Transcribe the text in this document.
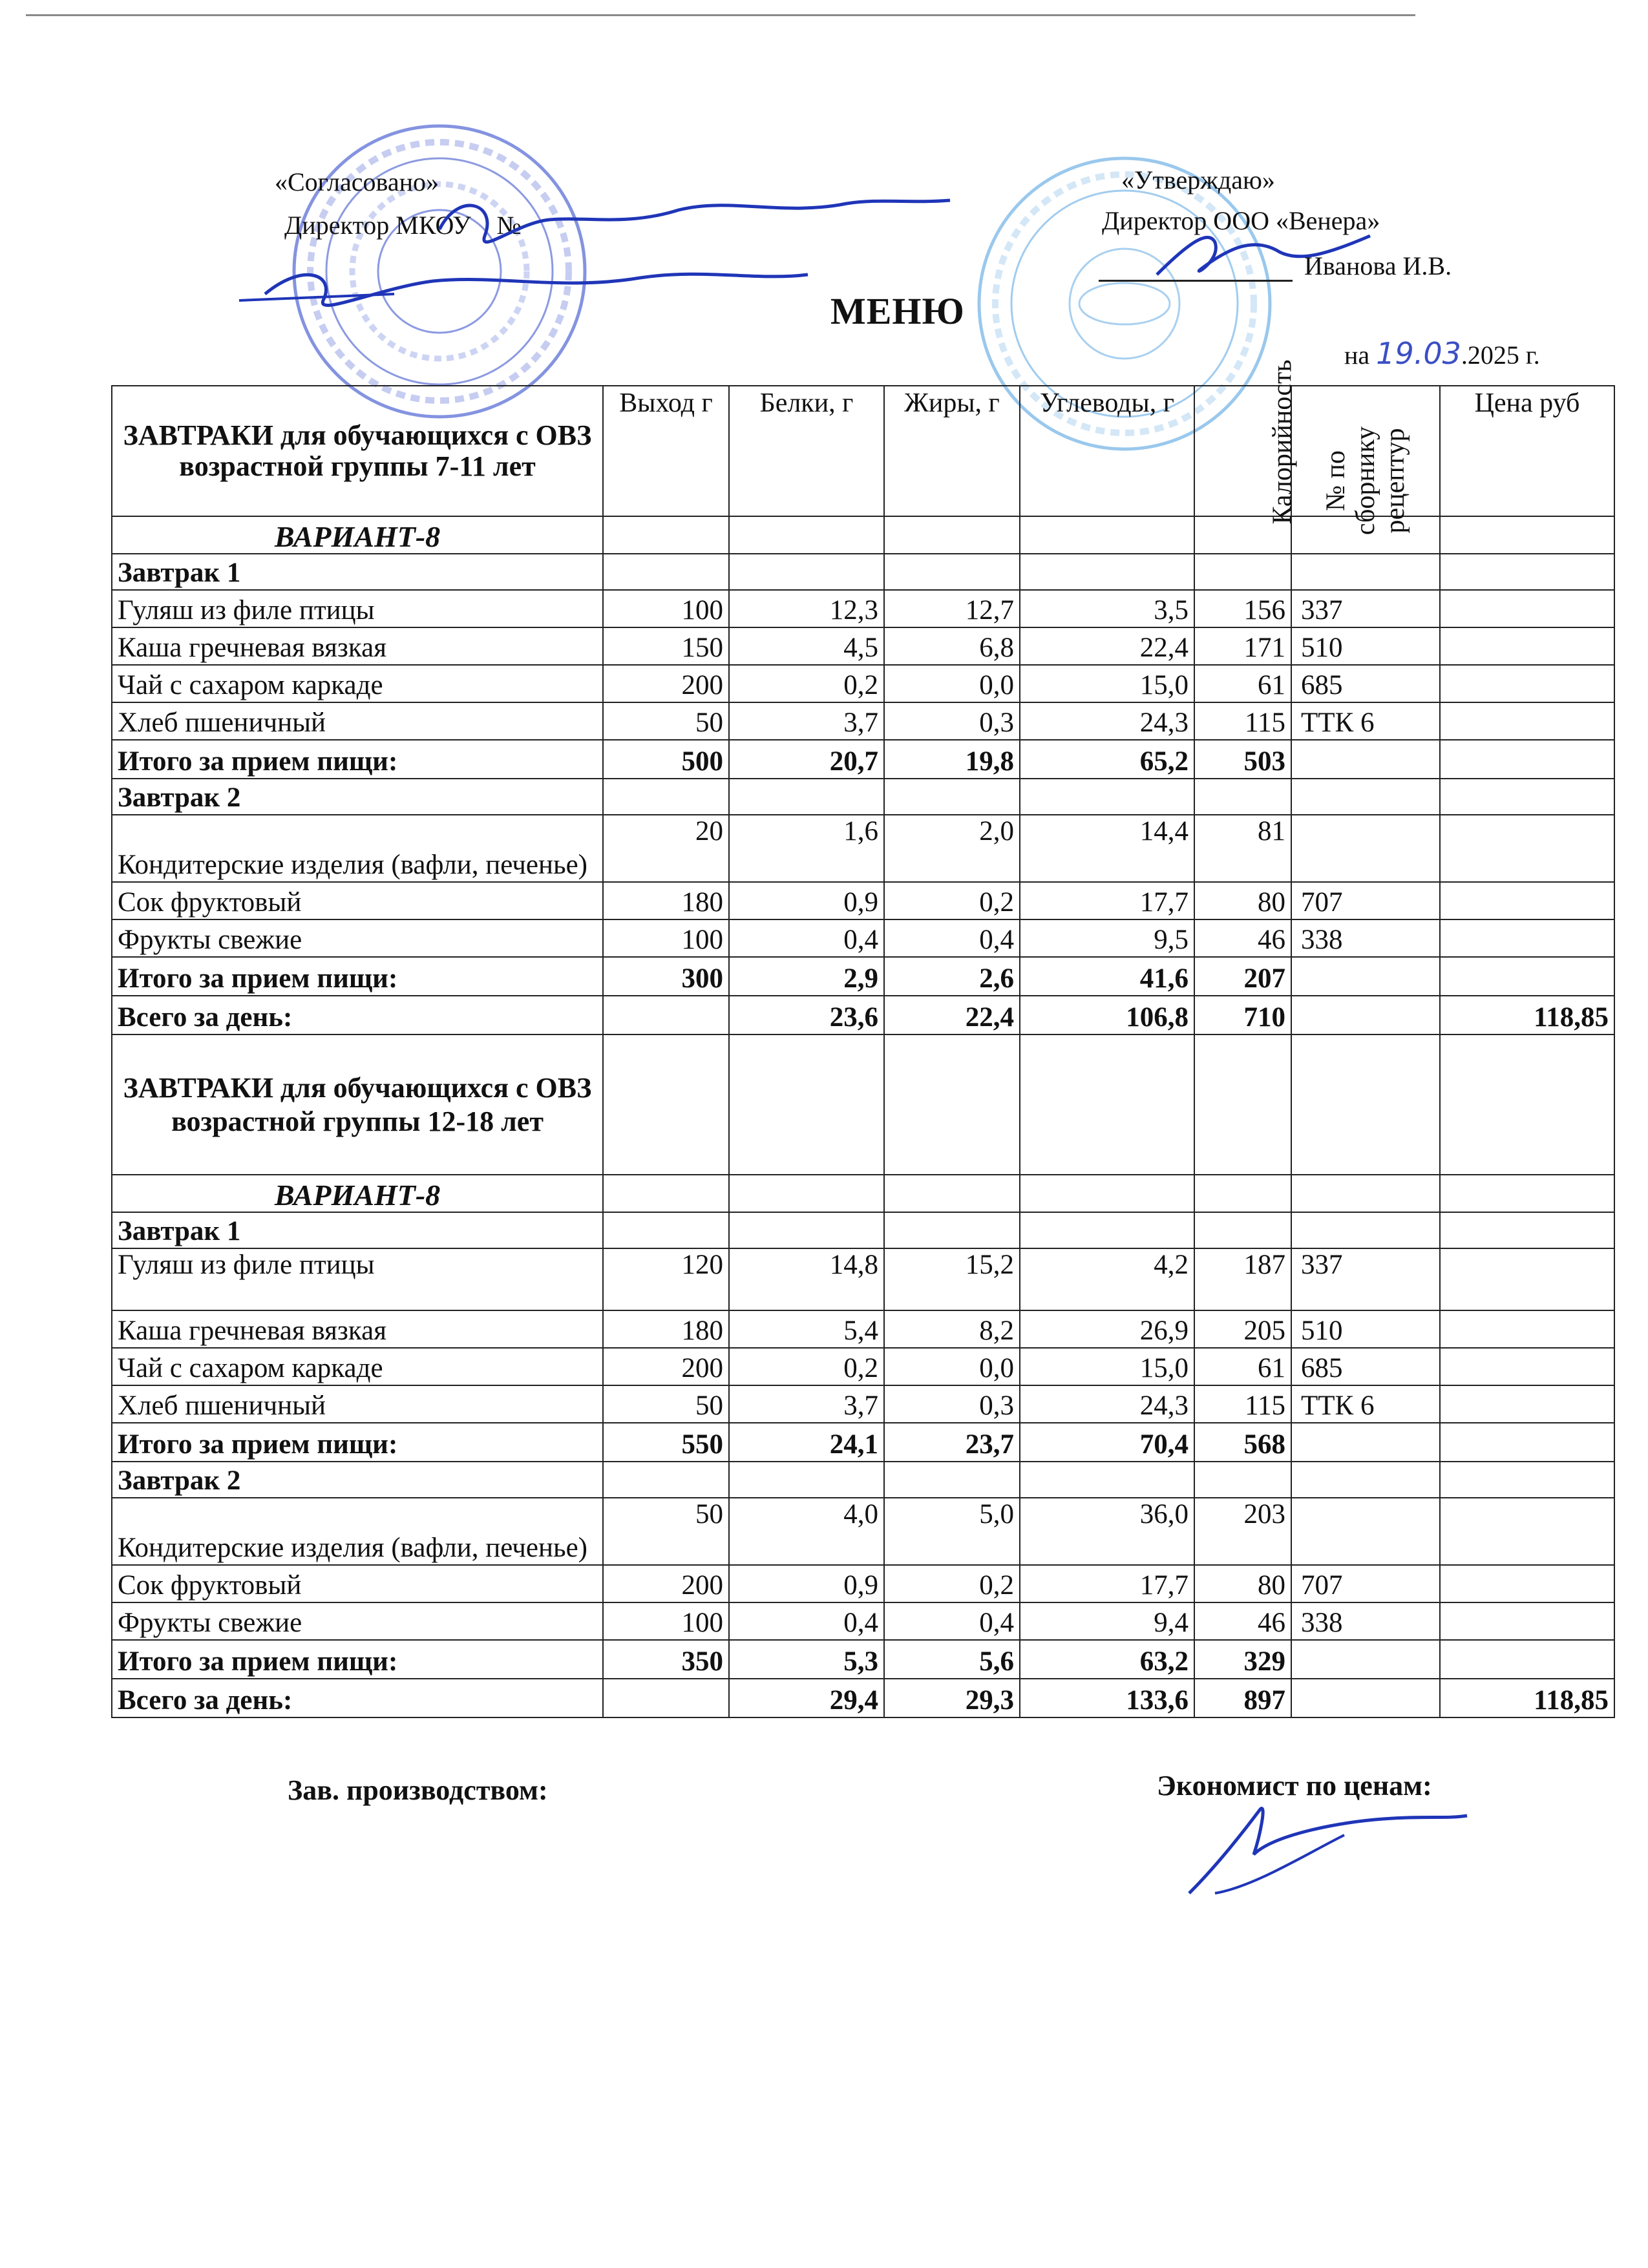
«Согласовано»
Директор МКОУ №
«Утверждаю»
Директор ООО «Венера»
Иванова И.В.
МЕНЮ
на 19.03.2025 г.
ЗАВТРАКИ для обучающихся с ОВЗ возрастной группы 7-11 лет	Выход г	Белки, г	Жиры, г	Углеводы, г	Калорийность	№ по сборнику рецептур	Цена руб
ВАРИАНТ-8							
Завтрак 1							
Гуляш из филе птицы	100	12,3	12,7	3,5	156	337	
Каша гречневая вязкая	150	4,5	6,8	22,4	171	510	
Чай с сахаром каркаде	200	0,2	0,0	15,0	61	685	
Хлеб пшеничный	50	3,7	0,3	24,3	115	ТТК 6	
Итого за прием пищи:	500	20,7	19,8	65,2	503		
Завтрак 2							
Кондитерские изделия (вафли, печенье)	20	1,6	2,0	14,4	81		
Сок фруктовый	180	0,9	0,2	17,7	80	707	
Фрукты свежие	100	0,4	0,4	9,5	46	338	
Итого за прием пищи:	300	2,9	2,6	41,6	207		
Всего за день:		23,6	22,4	106,8	710		118,85
ЗАВТРАКИ для обучающихся с ОВЗ возрастной группы 12-18 лет							
ВАРИАНТ-8							
Завтрак 1							
Гуляш из филе птицы	120	14,8	15,2	4,2	187	337	
Каша гречневая вязкая	180	5,4	8,2	26,9	205	510	
Чай с сахаром каркаде	200	0,2	0,0	15,0	61	685	
Хлеб пшеничный	50	3,7	0,3	24,3	115	ТТК 6	
Итого за прием пищи:	550	24,1	23,7	70,4	568		
Завтрак 2							
Кондитерские изделия (вафли, печенье)	50	4,0	5,0	36,0	203		
Сок фруктовый	200	0,9	0,2	17,7	80	707	
Фрукты свежие	100	0,4	0,4	9,4	46	338	
Итого за прием пищи:	350	5,3	5,6	63,2	329		
Всего за день:		29,4	29,3	133,6	897		118,85
Зав. производством:	Экономист по ценам:
